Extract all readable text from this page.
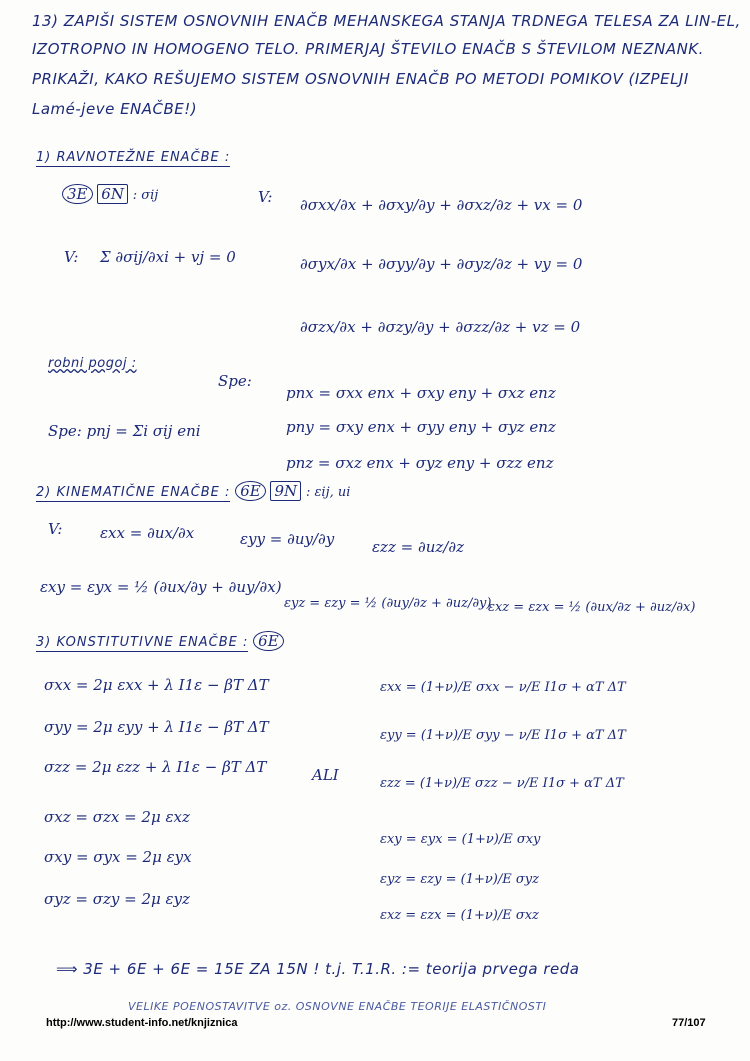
13) ZAPIŠI SISTEM OSNOVNIH ENAČB MEHANSKEGA STANJA TRDNEGA TELESA ZA LIN-EL,
IZOTROPNO IN HOMOGENO TELO. PRIMERJAJ ŠTEVILO ENAČB S ŠTEVILOM NEZNANK.
PRIKAŽI, KAKO REŠUJEMO SISTEM OSNOVNIH ENAČB PO METODI POMIKOV (IZPELJI
Lamé-jeve ENAČBE!)
1) RAVNOTEŽNE ENAČBE :
3E 6N : σij	V:
V: Σ ∂σij/∂xi + vj = 0
∂σxx/∂x + ∂σxy/∂y + ∂σxz/∂z + vx = 0
∂σyx/∂x + ∂σyy/∂y + ∂σyz/∂z + vy = 0
∂σzx/∂x + ∂σzy/∂y + ∂σzz/∂z + vz = 0
robni pogoj :
Spe:
Spe: pnj = Σi σij eni
pnx = σxx enx + σxy eny + σxz enz
pny = σxy enx + σyy eny + σyz enz
pnz = σxz enx + σyz eny + σzz enz
2) KINEMATIČNE ENAČBE : 6E 9N : εij, ui
V:	εxx = ∂ux/∂x	εyy = ∂uy/∂y	εzz = ∂uz/∂z
εxy = εyx = ½ (∂ux/∂y + ∂uy/∂x)
εyz = εzy = ½ (∂uy/∂z + ∂uz/∂y)
εxz = εzx = ½ (∂ux/∂z + ∂uz/∂x)
3) KONSTITUTIVNE ENAČBE : 6E
σxx = 2μ εxx + λ I1ε − βT ΔT
σyy = 2μ εyy + λ I1ε − βT ΔT
σzz = 2μ εzz + λ I1ε − βT ΔT	ALI
εxx = (1+ν)/E σxx − ν/E I1σ + αT ΔT
εyy = (1+ν)/E σyy − ν/E I1σ + αT ΔT
εzz = (1+ν)/E σzz − ν/E I1σ + αT ΔT
σxz = σzx = 2μ εxz
σxy = σyx = 2μ εyx
σyz = σzy = 2μ εyz
εxy = εyx = (1+ν)/E σxy
εyz = εzy = (1+ν)/E σyz
εxz = εzx = (1+ν)/E σxz
⟹ 3E + 6E + 6E = 15E ZA 15N ! t.j. T.1.R. := teorija prvega reda
VELIKE POENOSTAVITVE oz. OSNOVNE ENAČBE TEORIJE ELASTIČNOSTI
http://www.student-info.net/knjiznica	77/107
